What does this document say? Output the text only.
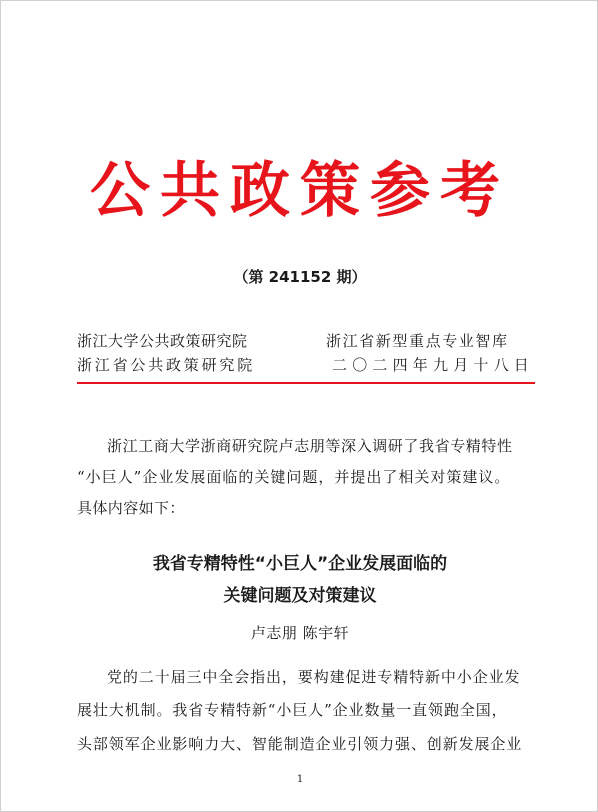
公共政策参考
（第 241152 期）
浙江大学公共政策研究院
浙江省公共政策研究院
浙江省新型重点专业智库
二〇二四年九月十八日
浙江工商大学浙商研究院卢志朋等深入调研了我省专精特性
“小巨人”企业发展面临的关键问题，并提出了相关对策建议。
具体内容如下：
我省专精特性“小巨人”企业发展面临的
关键问题及对策建议
卢志朋 陈宇轩
党的二十届三中全会指出，要构建促进专精特新中小企业发
展壮大机制。我省专精特新“小巨人”企业数量一直领跑全国，
头部领军企业影响力大、智能制造企业引领力强、创新发展企业
1
